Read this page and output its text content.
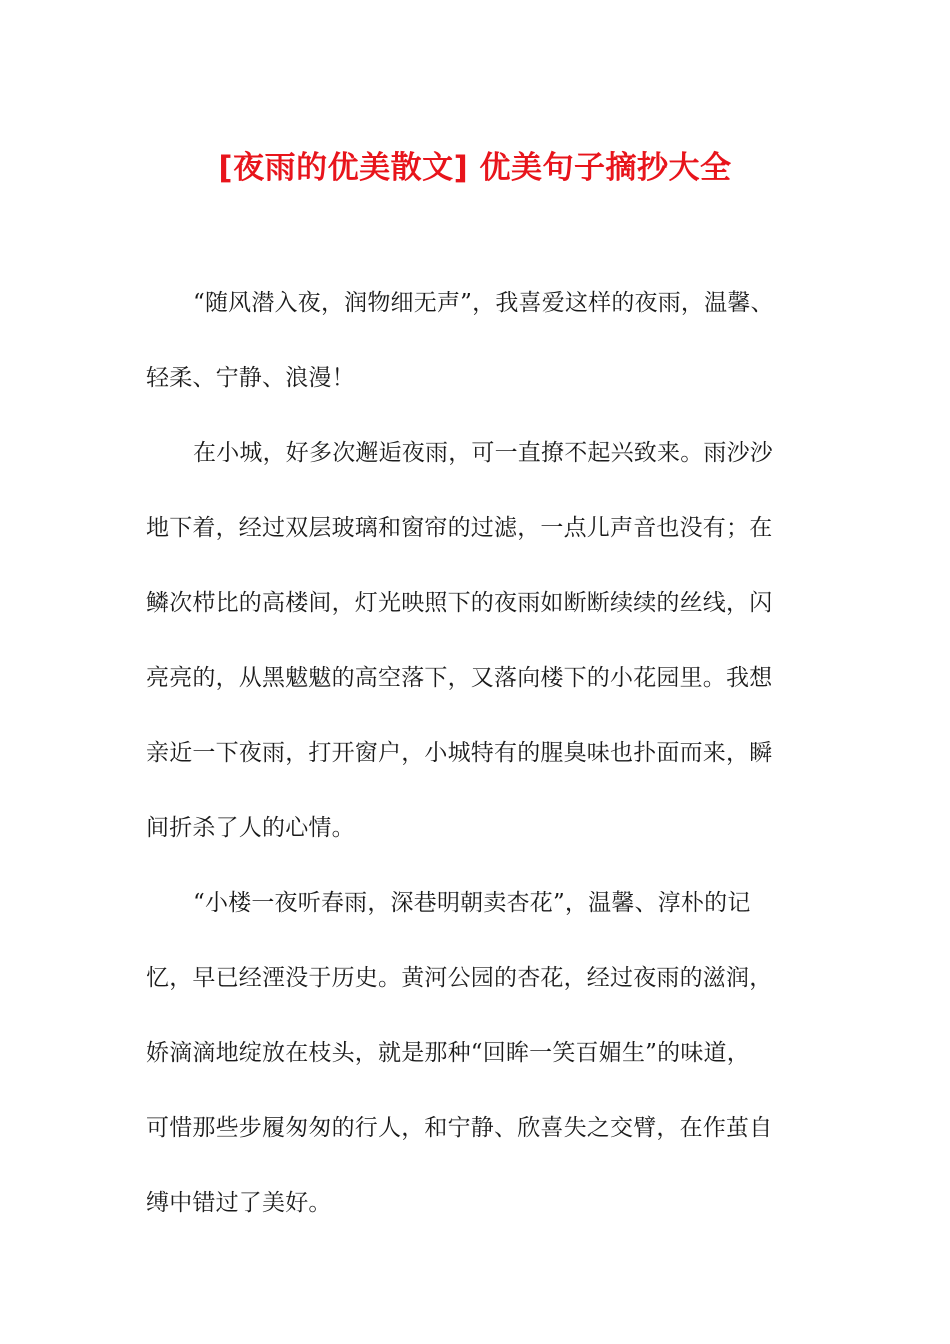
[夜雨的优美散文] 优美句子摘抄大全
“随风潜入夜，润物细无声”，我喜爱这样的夜雨，温馨、
轻柔、宁静、浪漫！
在小城，好多次邂逅夜雨，可一直撩不起兴致来。雨沙沙
地下着，经过双层玻璃和窗帘的过滤，一点儿声音也没有；在
鳞次栉比的高楼间，灯光映照下的夜雨如断断续续的丝线，闪
亮亮的，从黑魃魃的高空落下，又落向楼下的小花园里。我想
亲近一下夜雨，打开窗户，小城特有的腥臭味也扑面而来，瞬
间折杀了人的心情。
“小楼一夜听春雨，深巷明朝卖杏花”，温馨、淳朴的记
忆，早已经湮没于历史。黄河公园的杏花，经过夜雨的滋润，
娇滴滴地绽放在枝头，就是那种“回眸一笑百媚生”的味道，
可惜那些步履匆匆的行人，和宁静、欣喜失之交臂，在作茧自
缚中错过了美好。
